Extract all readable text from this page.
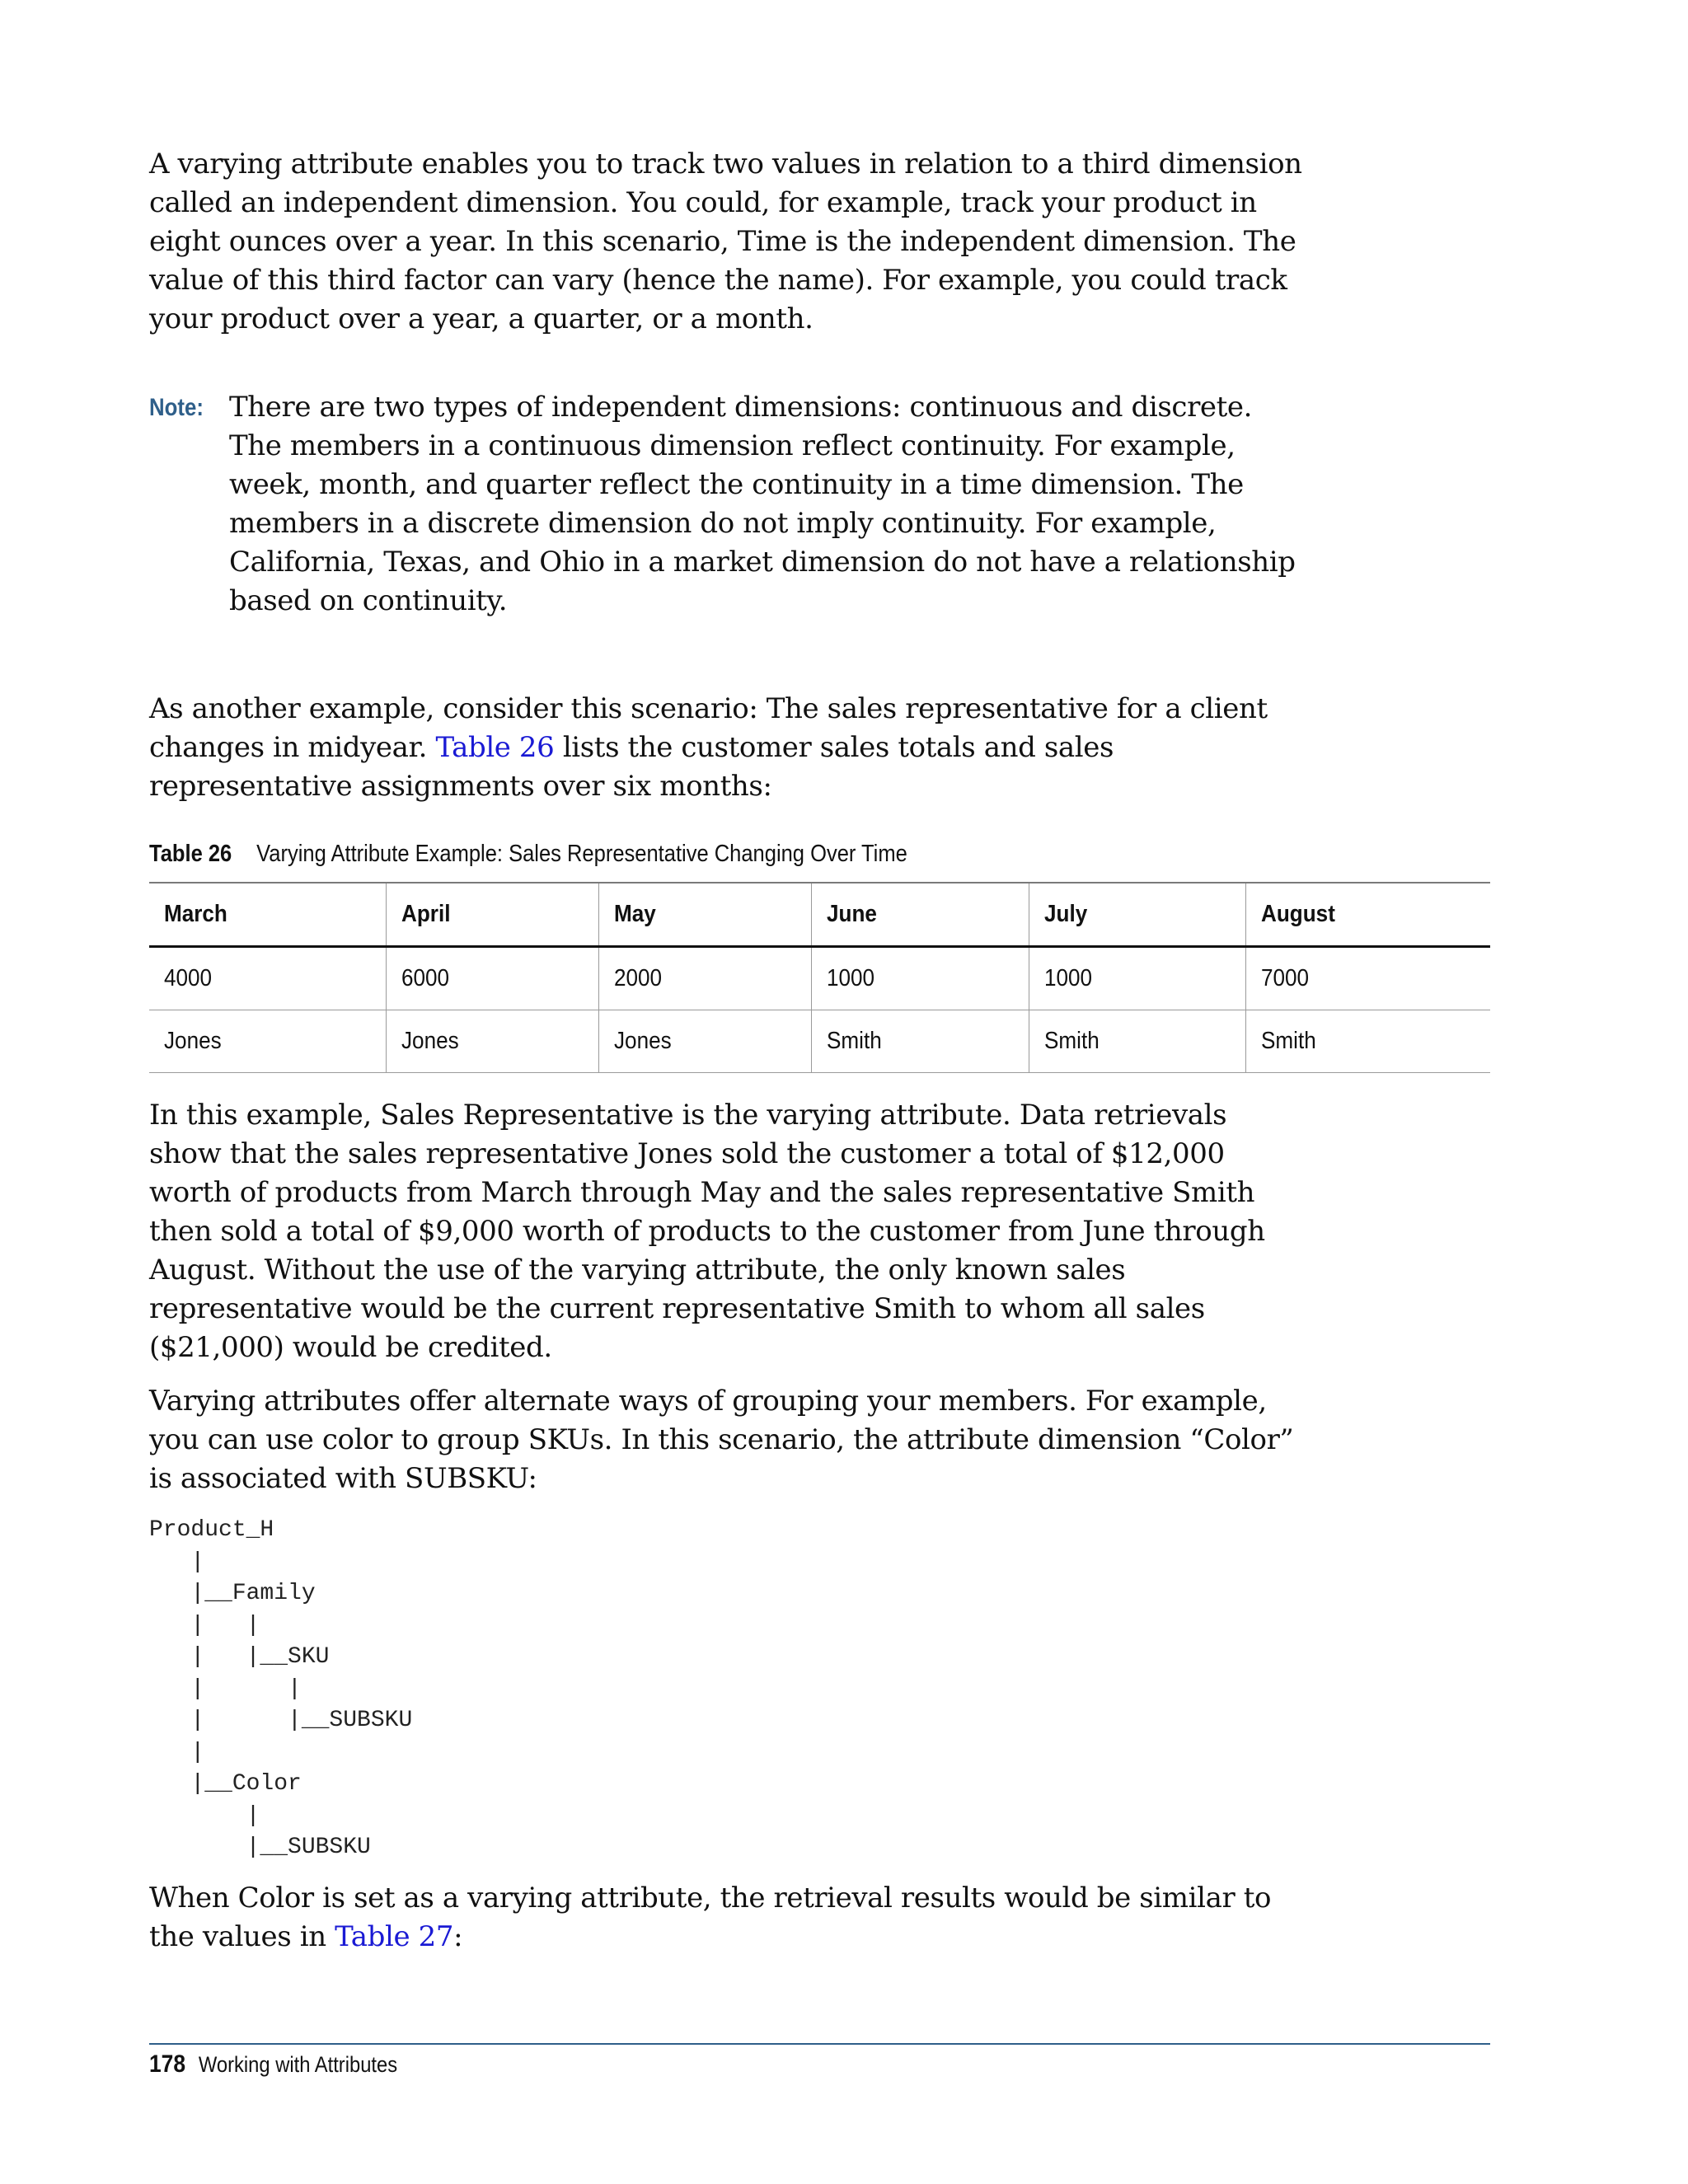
A varying attribute enables you to track two values in relation to a third dimension called an independent dimension. You could, for example, track your product in eight ounces over a year. In this scenario, Time is the independent dimension. The value of this third factor can vary (hence the name). For example, you could track your product over a year, a quarter, or a month.

Note: There are two types of independent dimensions: continuous and discrete. The members in a continuous dimension reflect continuity. For example, week, month, and quarter reflect the continuity in a time dimension. The members in a discrete dimension do not imply continuity. For example, California, Texas, and Ohio in a market dimension do not have a relationship based on continuity.

As another example, consider this scenario: The sales representative for a client changes in midyear. Table 26 lists the customer sales totals and sales representative assignments over six months:

Table 26 Varying Attribute Example: Sales Representative Changing Over Time
March	April	May	June	July	August
4000	6000	2000	1000	1000	7000
Jones	Jones	Jones	Smith	Smith	Smith

In this example, Sales Representative is the varying attribute. Data retrievals show that the sales representative Jones sold the customer a total of $12,000 worth of products from March through May and the sales representative Smith then sold a total of $9,000 worth of products to the customer from June through August. Without the use of the varying attribute, the only known sales representative would be the current representative Smith to whom all sales ($21,000) would be credited.

Varying attributes offer alternate ways of grouping your members. For example, you can use color to group SKUs. In this scenario, the attribute dimension “Color” is associated with SUBSKU:

Product_H
|
|__Family
|   |
|   |__SKU
|      |
|      |__SUBSKU
|
|__Color
|
|__SUBSKU

When Color is set as a varying attribute, the retrieval results would be similar to the values in Table 27:

178 Working with Attributes
